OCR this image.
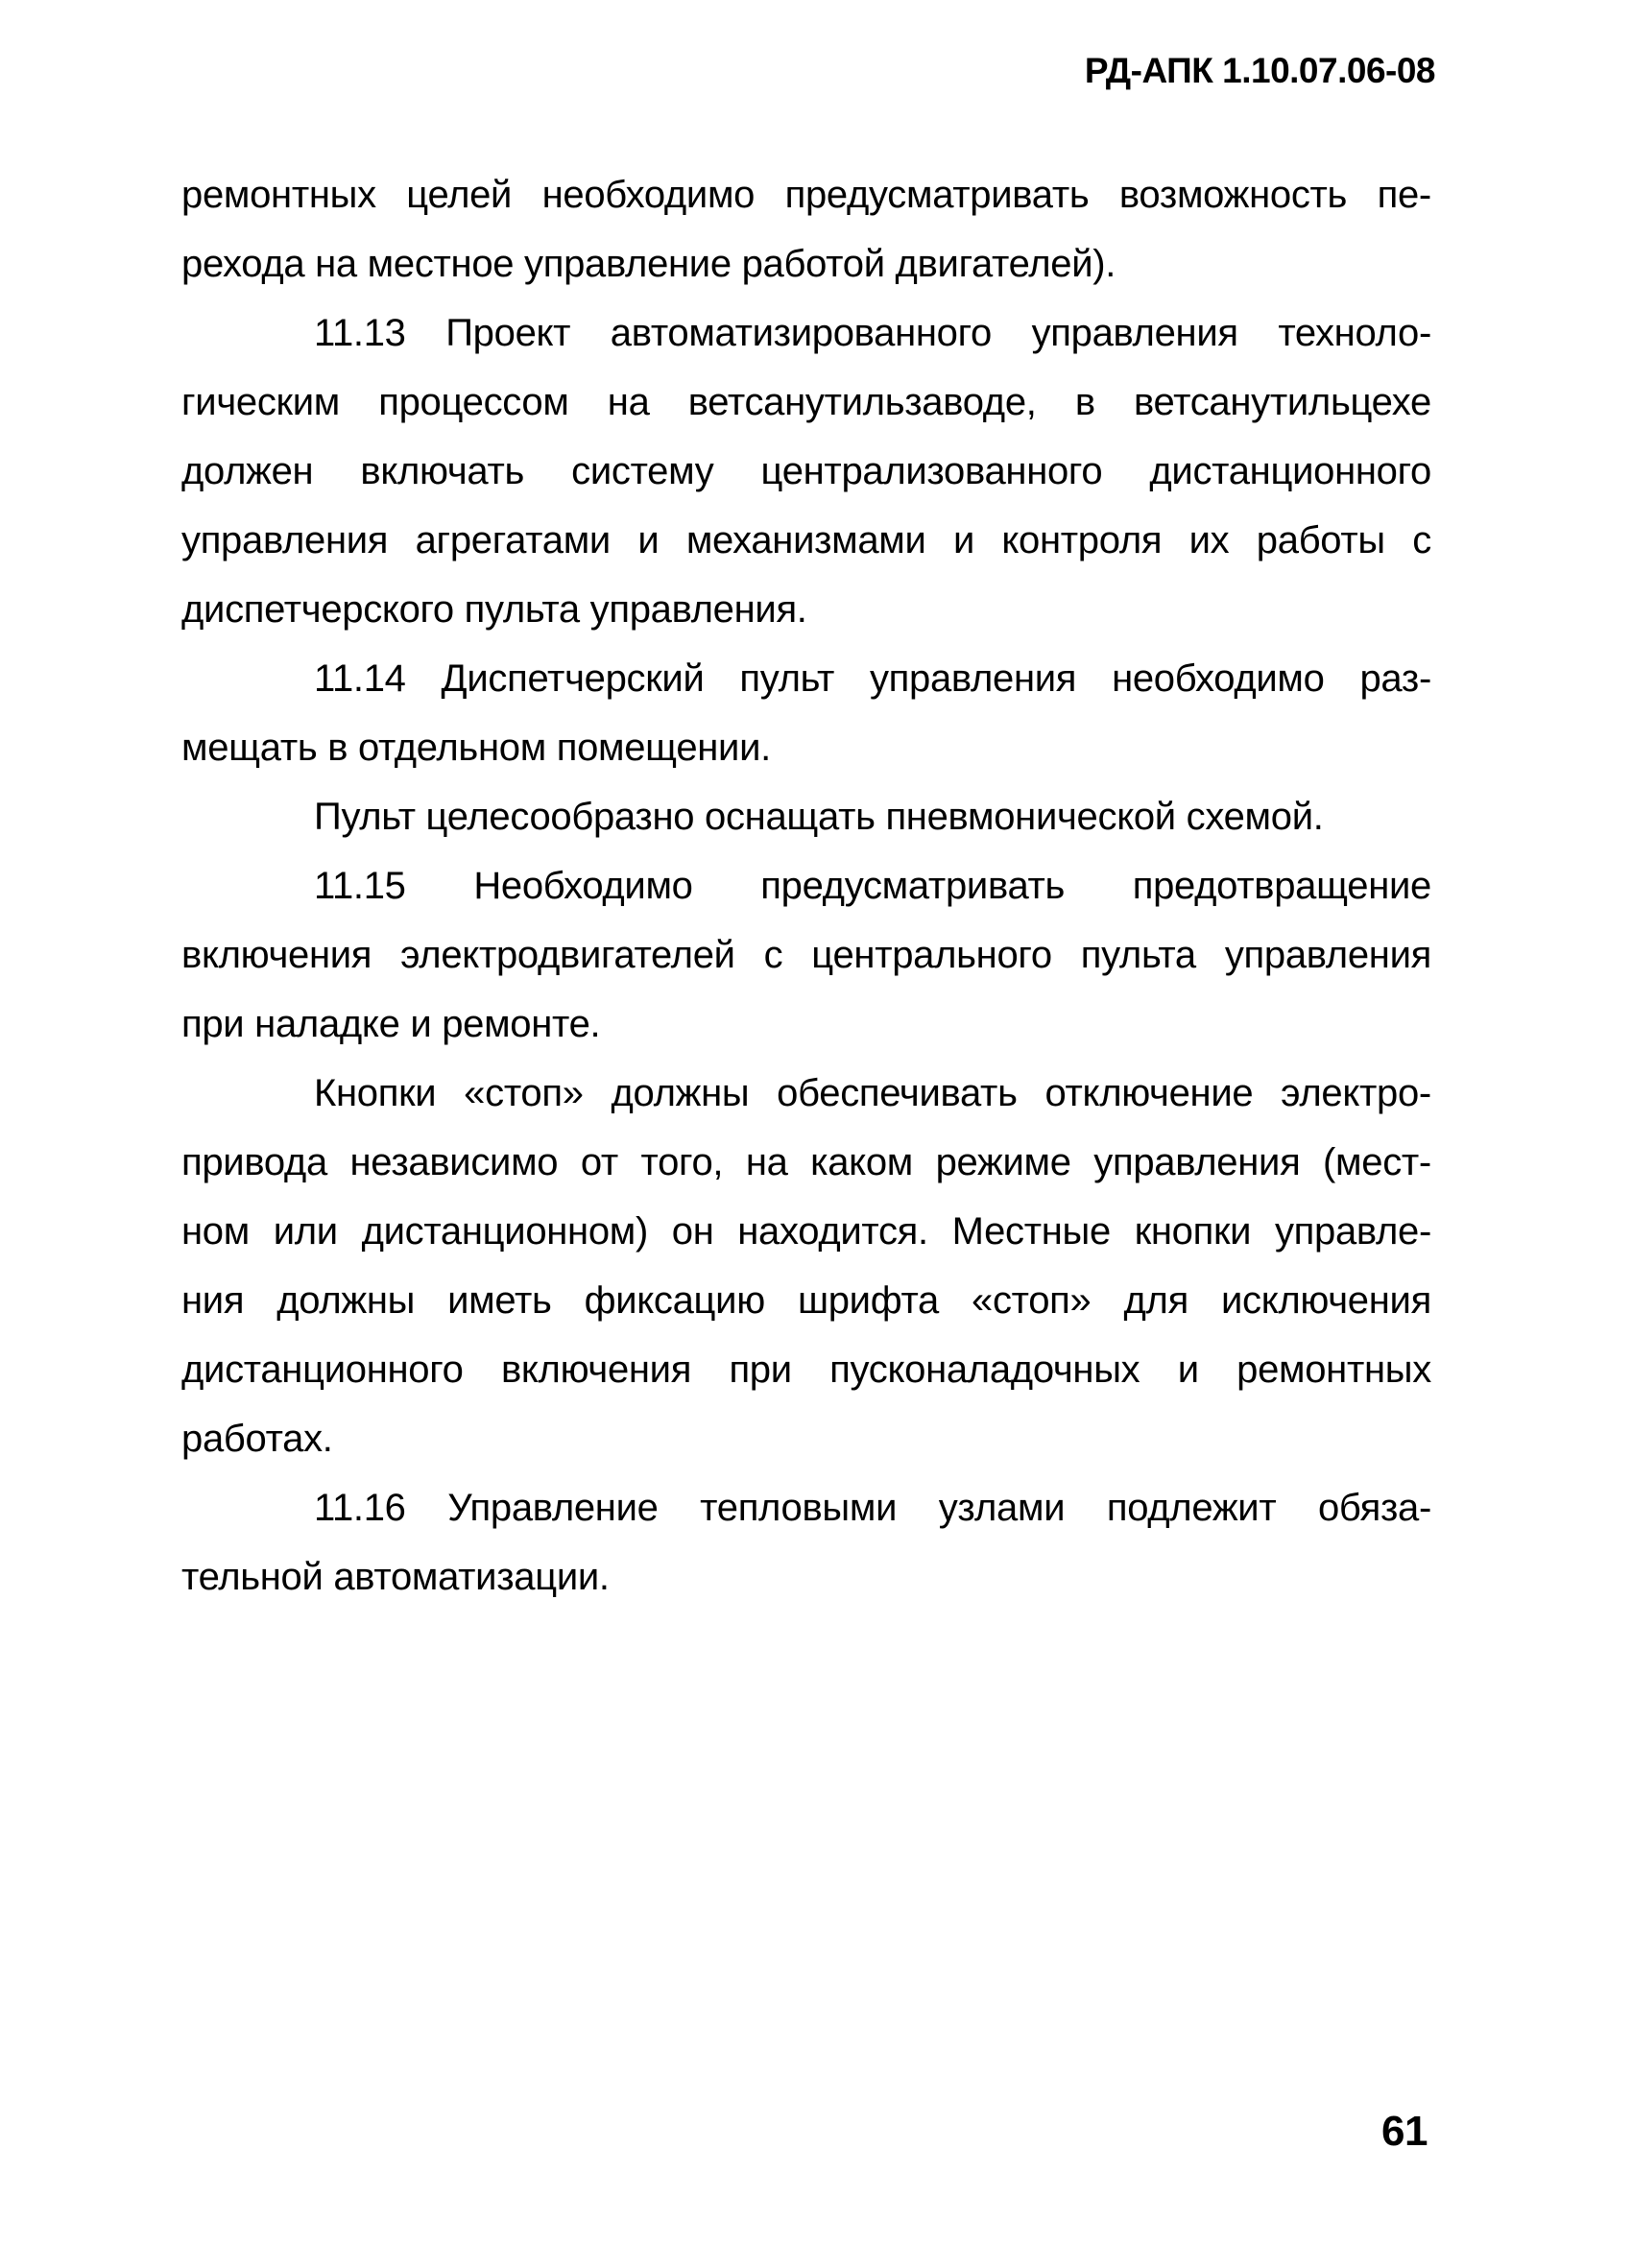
РД-АПК 1.10.07.06-08
ремонтных целей необходимо предусматривать возможность пе-
рехода на местное управление работой двигателей).
11.13 Проект автоматизированного управления техноло-
гическим процессом на ветсанутильзаводе, в ветсанутильцехе
должен включать систему централизованного дистанционного
управления агрегатами и механизмами и контроля их работы с
диспетчерского пульта управления.
11.14 Диспетчерский пульт управления необходимо раз-
мещать в отдельном помещении.
Пульт целесообразно оснащать пневмонической схемой.
11.15 Необходимо предусматривать предотвращение
включения электродвигателей с центрального пульта управления
при наладке и ремонте.
Кнопки «стоп» должны обеспечивать отключение электро-
привода независимо от того, на каком режиме управления (мест-
ном или дистанционном) он находится. Местные кнопки управле-
ния должны иметь фиксацию шрифта «стоп» для исключения
дистанционного включения при пусконаладочных и ремонтных
работах.
11.16 Управление тепловыми узлами подлежит обяза-
тельной автоматизации.
61
